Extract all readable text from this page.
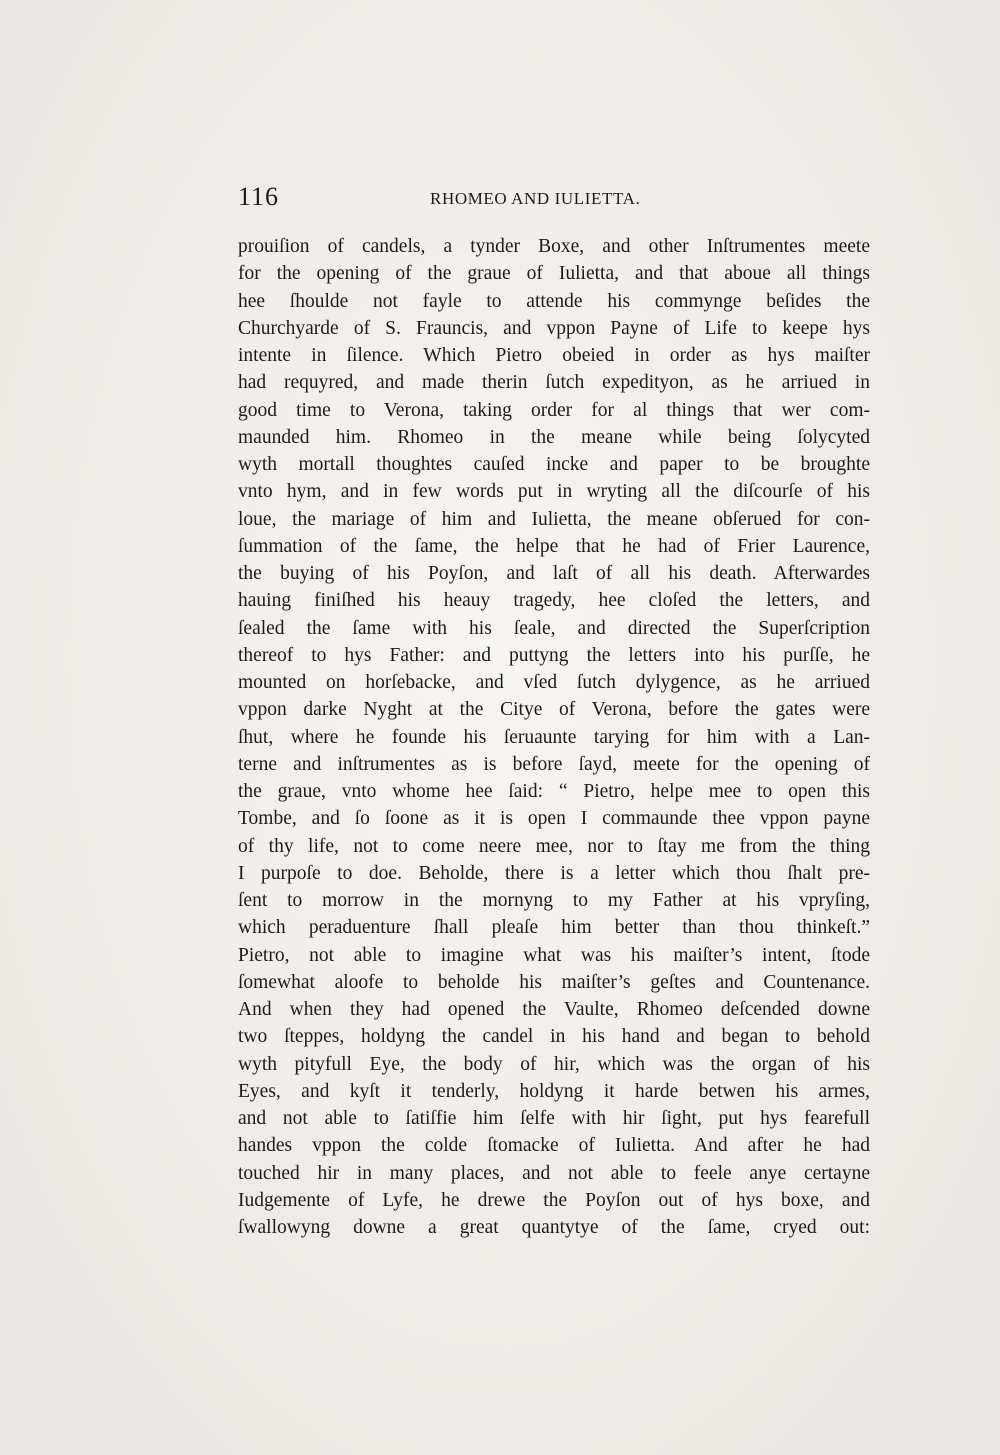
116	RHOMEO AND IULIETTA.
prouiſion of candels, a tynder Boxe, and other Inſtrumentes meete
for the opening of the graue of Iulietta, and that aboue all things
hee ſhoulde not fayle to attende his commynge beſides the
Churchyarde of S. Frauncis, and vppon Payne of Life to keepe hys
intente in ſilence. Which Pietro obeied in order as hys maiſter
had requyred, and made therin ſutch expedityon, as he arriued in
good time to Verona, taking order for al things that wer com-
maunded him. Rhomeo in the meane while being ſolycyted
wyth mortall thoughtes cauſed incke and paper to be broughte
vnto hym, and in few words put in wryting all the diſcourſe of his
loue, the mariage of him and Iulietta, the meane obſerued for con-
ſummation of the ſame, the helpe that he had of Frier Laurence,
the buying of his Poyſon, and laſt of all his death. Afterwardes
hauing finiſhed his heauy tragedy, hee cloſed the letters, and
ſealed the ſame with his ſeale, and directed the Superſcription
thereof to hys Father: and puttyng the letters into his purſſe, he
mounted on horſebacke, and vſed ſutch dylygence, as he arriued
vppon darke Nyght at the Citye of Verona, before the gates were
ſhut, where he founde his ſeruaunte tarying for him with a Lan-
terne and inſtrumentes as is before ſayd, meete for the opening of
the graue, vnto whome hee ſaid: “ Pietro, helpe mee to open this
Tombe, and ſo ſoone as it is open I commaunde thee vppon payne
of thy life, not to come neere mee, nor to ſtay me from the thing
I purpoſe to doe. Beholde, there is a letter which thou ſhalt pre-
ſent to morrow in the mornyng to my Father at his vpryſing,
which peraduenture ſhall pleaſe him better than thou thinkeſt.”
Pietro, not able to imagine what was his maiſter’s intent, ſtode
ſomewhat aloofe to beholde his maiſter’s geſtes and Countenance.
And when they had opened the Vaulte, Rhomeo deſcended downe
two ſteppes, holdyng the candel in his hand and began to behold
wyth pityfull Eye, the body of hir, which was the organ of his
Eyes, and kyſt it tenderly, holdyng it harde betwen his armes,
and not able to ſatiſfie him ſelfe with hir ſight, put hys fearefull
handes vppon the colde ſtomacke of Iulietta. And after he had
touched hir in many places, and not able to feele anye certayne
Iudgemente of Lyfe, he drewe the Poyſon out of hys boxe, and
ſwallowyng downe a great quantytye of the ſame, cryed out:
